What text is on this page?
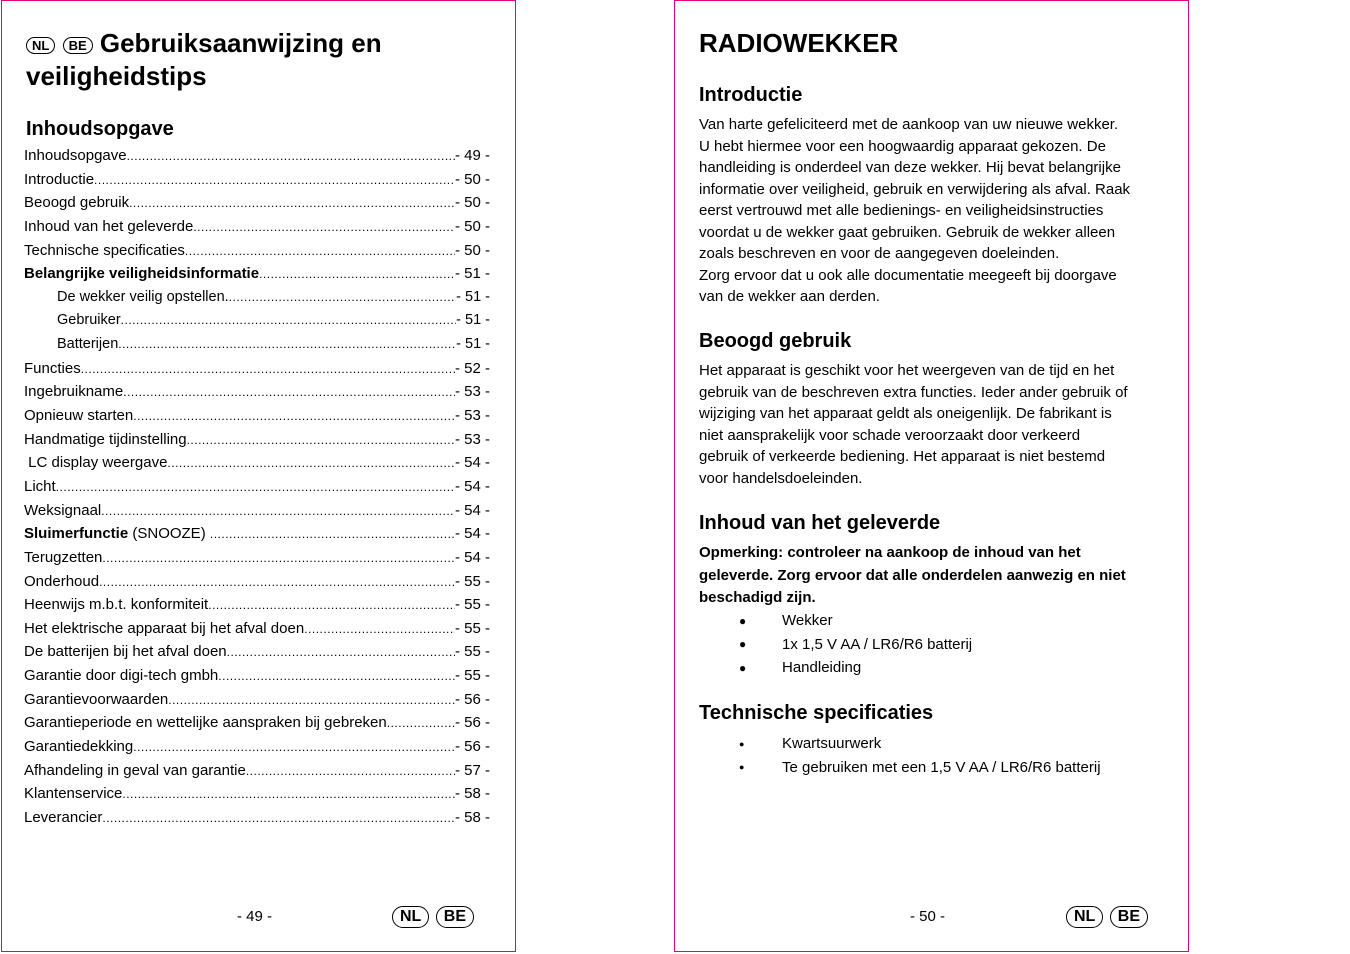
NL BE Gebruiksaanwijzing en
veiligheidstips
Inhoudsopgave
Inhoudsopgave .....	- 49 -
Introductie .....	- 50 -
Beoogd gebruik .....	- 50 -
Inhoud van het geleverde .....	- 50 -
Technische specificaties .....	- 50 -
Belangrijke veiligheidsinformatie .....	- 51 -
De wekker veilig opstellen. .....	- 51 -
Gebruiker .....	- 51 -
Batterijen .....	- 51 -
Functies .....	- 52 -
Ingebruikname .....	- 53 -
Opnieuw starten .....	- 53 -
Handmatige tijdinstelling .....	- 53 -
LC display weergave .....	- 54 -
Licht .....	- 54 -
Weksignaal .....	- 54 -
Sluimerfunctie (SNOOZE) .....	- 54 -
Terugzetten .....	- 54 -
Onderhoud .....	- 55 -
Heenwijs m.b.t. konformiteit .....	- 55 -
Het elektrische apparaat bij het afval doen .....	- 55 -
De batterijen bij het afval doen .....	- 55 -
Garantie door digi-tech gmbh .....	- 55 -
Garantievoorwaarden .....	- 56 -
Garantieperiode en wettelijke aanspraken bij gebreken .....	- 56 -
Garantiedekking .....	- 56 -
Afhandeling in geval van garantie .....	- 57 -
Klantenservice .....	- 58 -
Leverancier .....	- 58 -
- 49 -	NL BE
RADIOWEKKER
Introductie

Van harte gefeliciteerd met de aankoop van uw nieuwe wekker.
U hebt hiermee voor een hoogwaardig apparaat gekozen. De
handleiding is onderdeel van deze wekker. Hij bevat belangrijke
informatie over veiligheid, gebruik en verwijdering als afval. Raak
eerst vertrouwd met alle bedienings- en veiligheidsinstructies
voordat u de wekker gaat gebruiken. Gebruik de wekker alleen
zoals beschreven en voor de aangegeven doeleinden.
Zorg ervoor dat u ook alle documentatie meegeeft bij doorgave
van de wekker aan derden.

Beoogd gebruik

Het apparaat is geschikt voor het weergeven van de tijd en het
gebruik van de beschreven extra functies. Ieder ander gebruik of
wijziging van het apparaat geldt als oneigenlijk. De fabrikant is
niet aansprakelijk voor schade veroorzaakt door verkeerd
gebruik of verkeerde bediening. Het apparaat is niet bestemd
voor handelsdoeleinden.

Inhoud van het geleverde

Opmerking: controleer na aankoop de inhoud van het
geleverde. Zorg ervoor dat alle onderdelen aanwezig en niet
beschadigd zijn.

●	Wekker
●	1x 1,5 V AA / LR6/R6 batterij
●	Handleiding
Technische specificaties
●	Kwartsuurwerk
●	Te gebruiken met een 1,5 V AA / LR6/R6 batterij
- 50 -	NL BE
